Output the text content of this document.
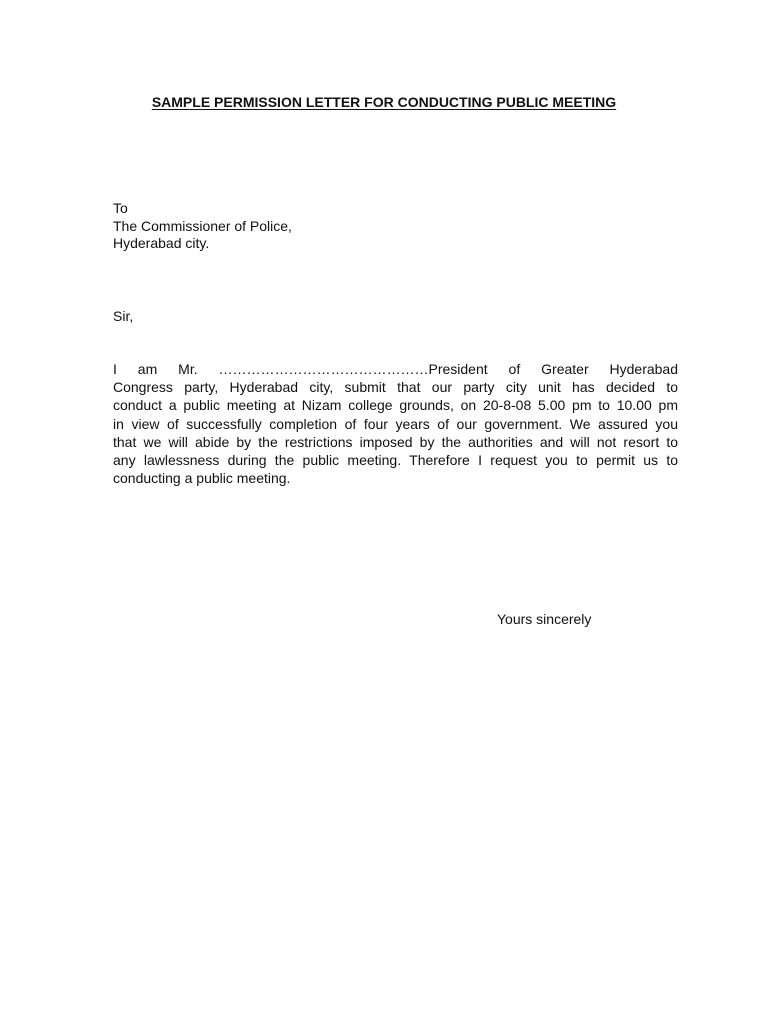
SAMPLE PERMISSION LETTER FOR CONDUCTING PUBLIC MEETING
To
The Commissioner of Police,
Hyderabad city.
Sir,
I am Mr. ………………………………………President of Greater Hyderabad
Congress party, Hyderabad city, submit that our party city unit has decided to
conduct a public meeting at Nizam college grounds, on 20-8-08 5.00 pm to 10.00 pm
in view of successfully completion of four years of our government. We assured you
that we will abide by the restrictions imposed by the authorities and will not resort to
any lawlessness during the public meeting. Therefore I request you to permit us to
conducting a public meeting.
Yours sincerely
